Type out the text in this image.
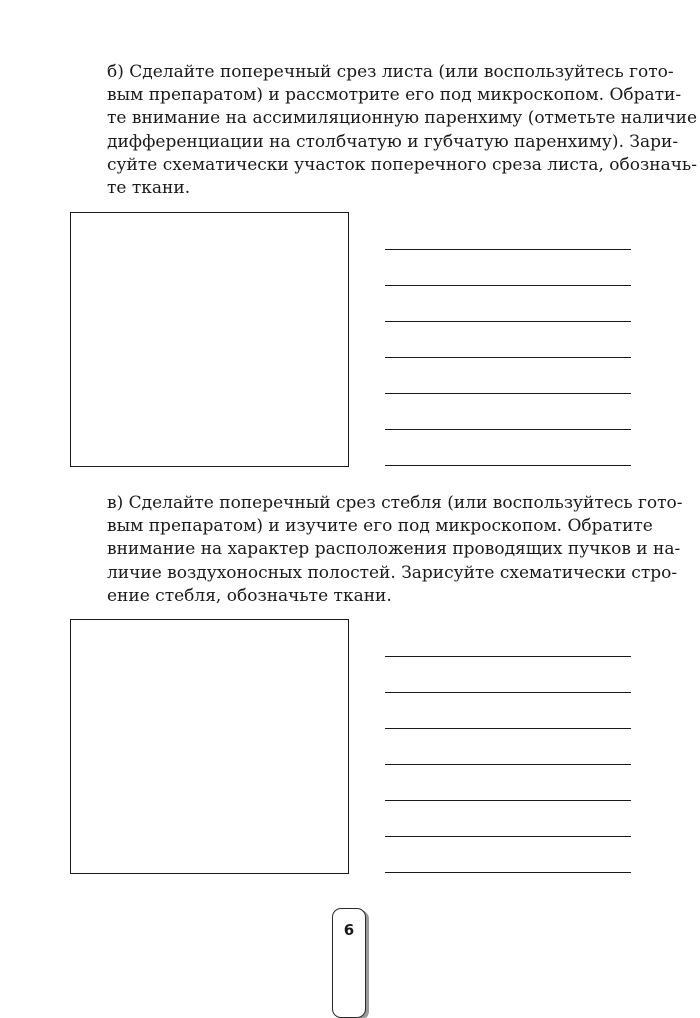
б) Сделайте поперечный срез листа (или воспользуйтесь гото-
вым препаратом) и рассмотрите его под микроскопом. Обрати-
те внимание на ассимиляционную паренхиму (отметьте наличие
дифференциации на столбчатую и губчатую паренхиму). Зари-
суйте схематически участок поперечного среза листа, обозначь-
те ткани.

в) Сделайте поперечный срез стебля (или воспользуйтесь гото-
вым препаратом) и изучите его под микроскопом. Обратите
внимание на характер расположения проводящих пучков и на-
личие воздухоносных полостей. Зарисуйте схематически стро-
ение стебля, обозначьте ткани.

6
